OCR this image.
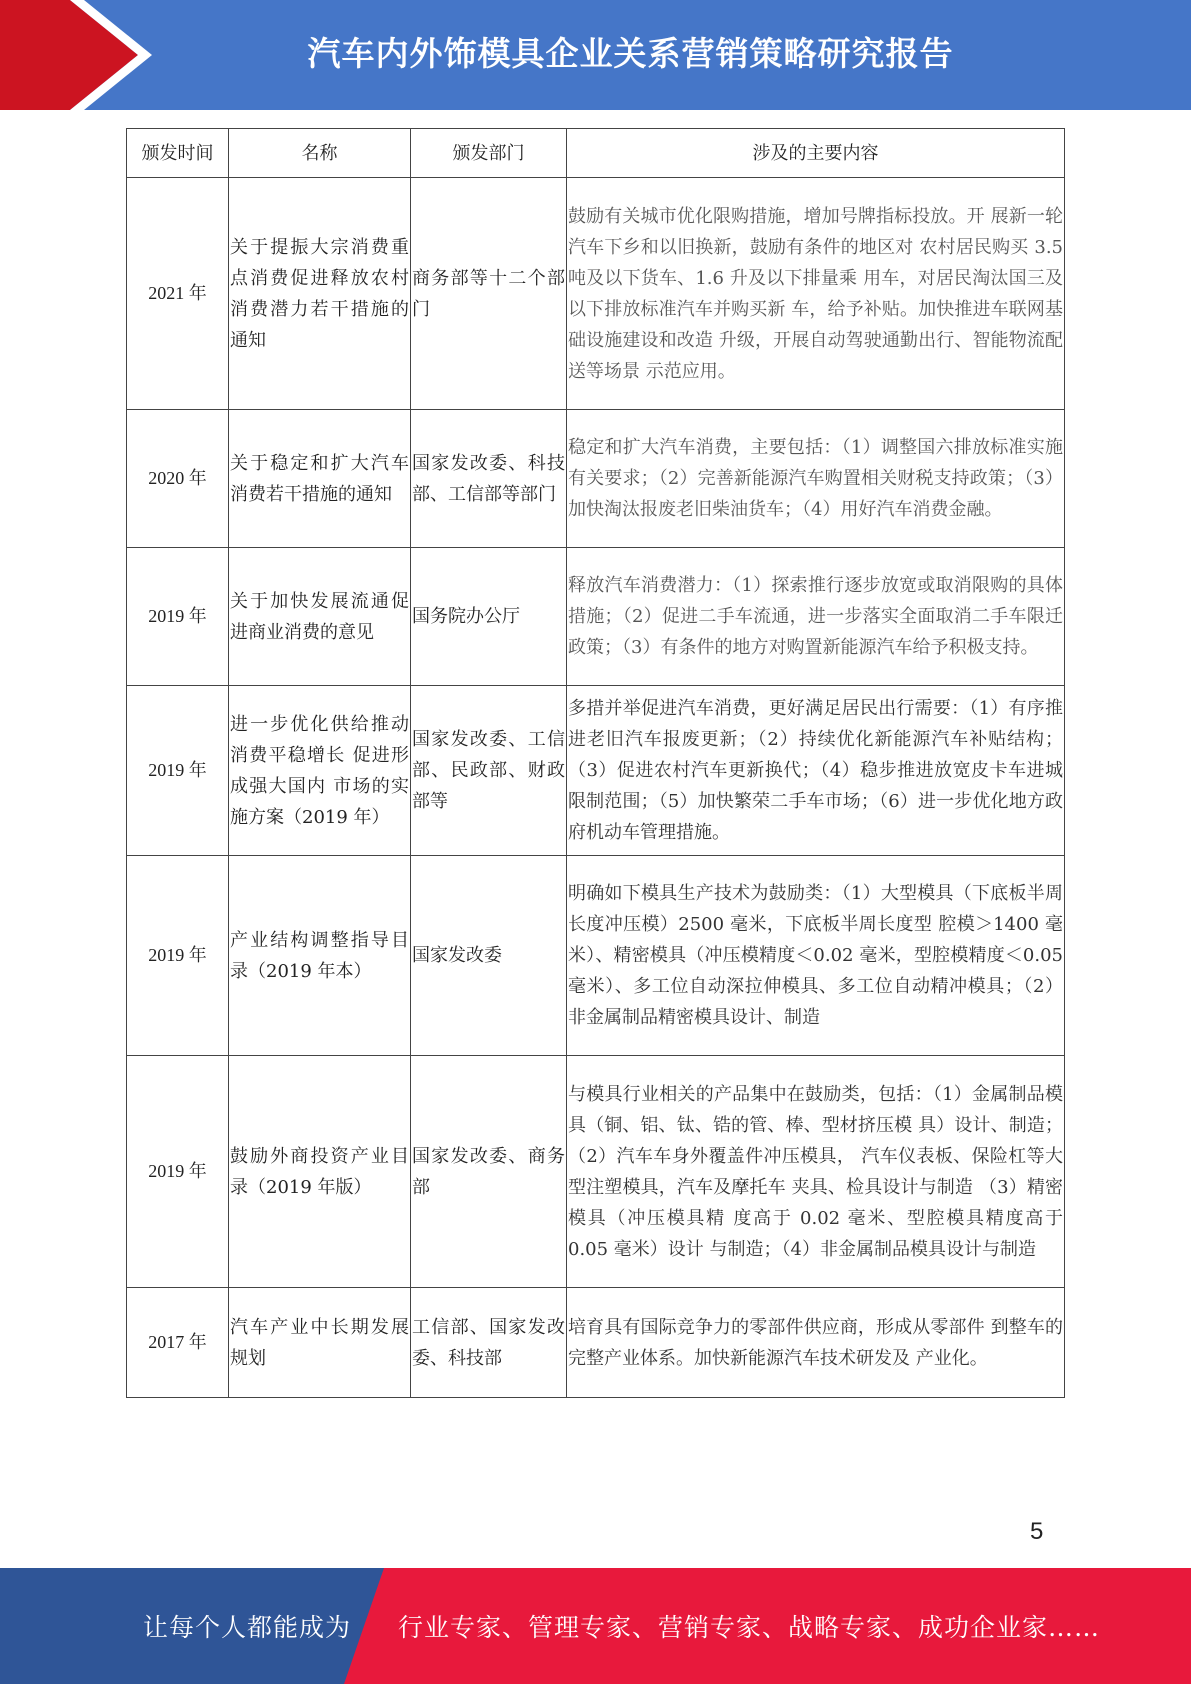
汽车内外饰模具企业关系营销策略研究报告
颁发时间	名称	颁发部门	涉及的主要内容
2021 年	关于提振大宗消费重点消费促进释放农村消费潜力若干措施的通知	商务部等十二个部门	鼓励有关城市优化限购措施，增加号牌指标投放。开 展新一轮汽车下乡和以旧换新，鼓励有条件的地区对 农村居民购买 3.5 吨及以下货车、1.6 升及以下排量乘 用车，对居民淘汰国三及以下排放标准汽车并购买新 车，给予补贴。加快推进车联网基础设施建设和改造 升级，开展自动驾驶通勤出行、智能物流配送等场景 示范应用。
2020 年	关于稳定和扩大汽车消费若干措施的通知	国家发改委、科技部、工信部等部门	稳定和扩大汽车消费，主要包括：（1）调整国六排放标准实施有关要求；（2）完善新能源汽车购置相关财税支持政策；（3）加快淘汰报废老旧柴油货车；（4）用好汽车消费金融。
2019 年	关于加快发展流通促进商业消费的意见	国务院办公厅	释放汽车消费潜力：（1）探索推行逐步放宽或取消限购的具体措施；（2）促进二手车流通，进一步落实全面取消二手车限迁政策；（3）有条件的地方对购置新能源汽车给予积极支持。
2019 年	进一步优化供给推动消费平稳增长 促进形成强大国内 市场的实施方案（2019 年）	国家发改委、工信部、民政部、财政部等	多措并举促进汽车消费，更好满足居民出行需要：（1）有序推进老旧汽车报废更新；（2）持续优化新能源汽车补贴结构；（3）促进农村汽车更新换代；（4）稳步推进放宽皮卡车进城限制范围；（5）加快繁荣二手车市场；（6）进一步优化地方政府机动车管理措施。
2019 年	产业结构调整指导目录（2019 年本）	国家发改委	明确如下模具生产技术为鼓励类：（1）大型模具（下底板半周长度冲压模）2500 毫米，下底板半周长度型 腔模＞1400 毫米）、精密模具（冲压模精度＜0.02 毫米，型腔模精度＜0.05 毫米）、多工位自动深拉伸模具、多工位自动精冲模具；（2）非金属制品精密模具设计、制造
2019 年	鼓励外商投资产业目录（2019 年版）	国家发改委、商务部	与模具行业相关的产品集中在鼓励类，包括：（1）金属制品模具（铜、铝、钛、锆的管、棒、型材挤压模 具）设计、制造；（2）汽车车身外覆盖件冲压模具， 汽车仪表板、保险杠等大型注塑模具，汽车及摩托车 夹具、检具设计与制造 （3）精密模具（冲压模具精 度高于 0.02 毫米、型腔模具精度高于 0.05 毫米）设计 与制造；（4）非金属制品模具设计与制造
2017 年	汽车产业中长期发展规划	工信部、国家发改委、科技部	培育具有国际竞争力的零部件供应商，形成从零部件 到整车的完整产业体系。加快新能源汽车技术研发及 产业化。
5
让每个人都能成为 行业专家、管理专家、营销专家、战略专家、成功企业家……
